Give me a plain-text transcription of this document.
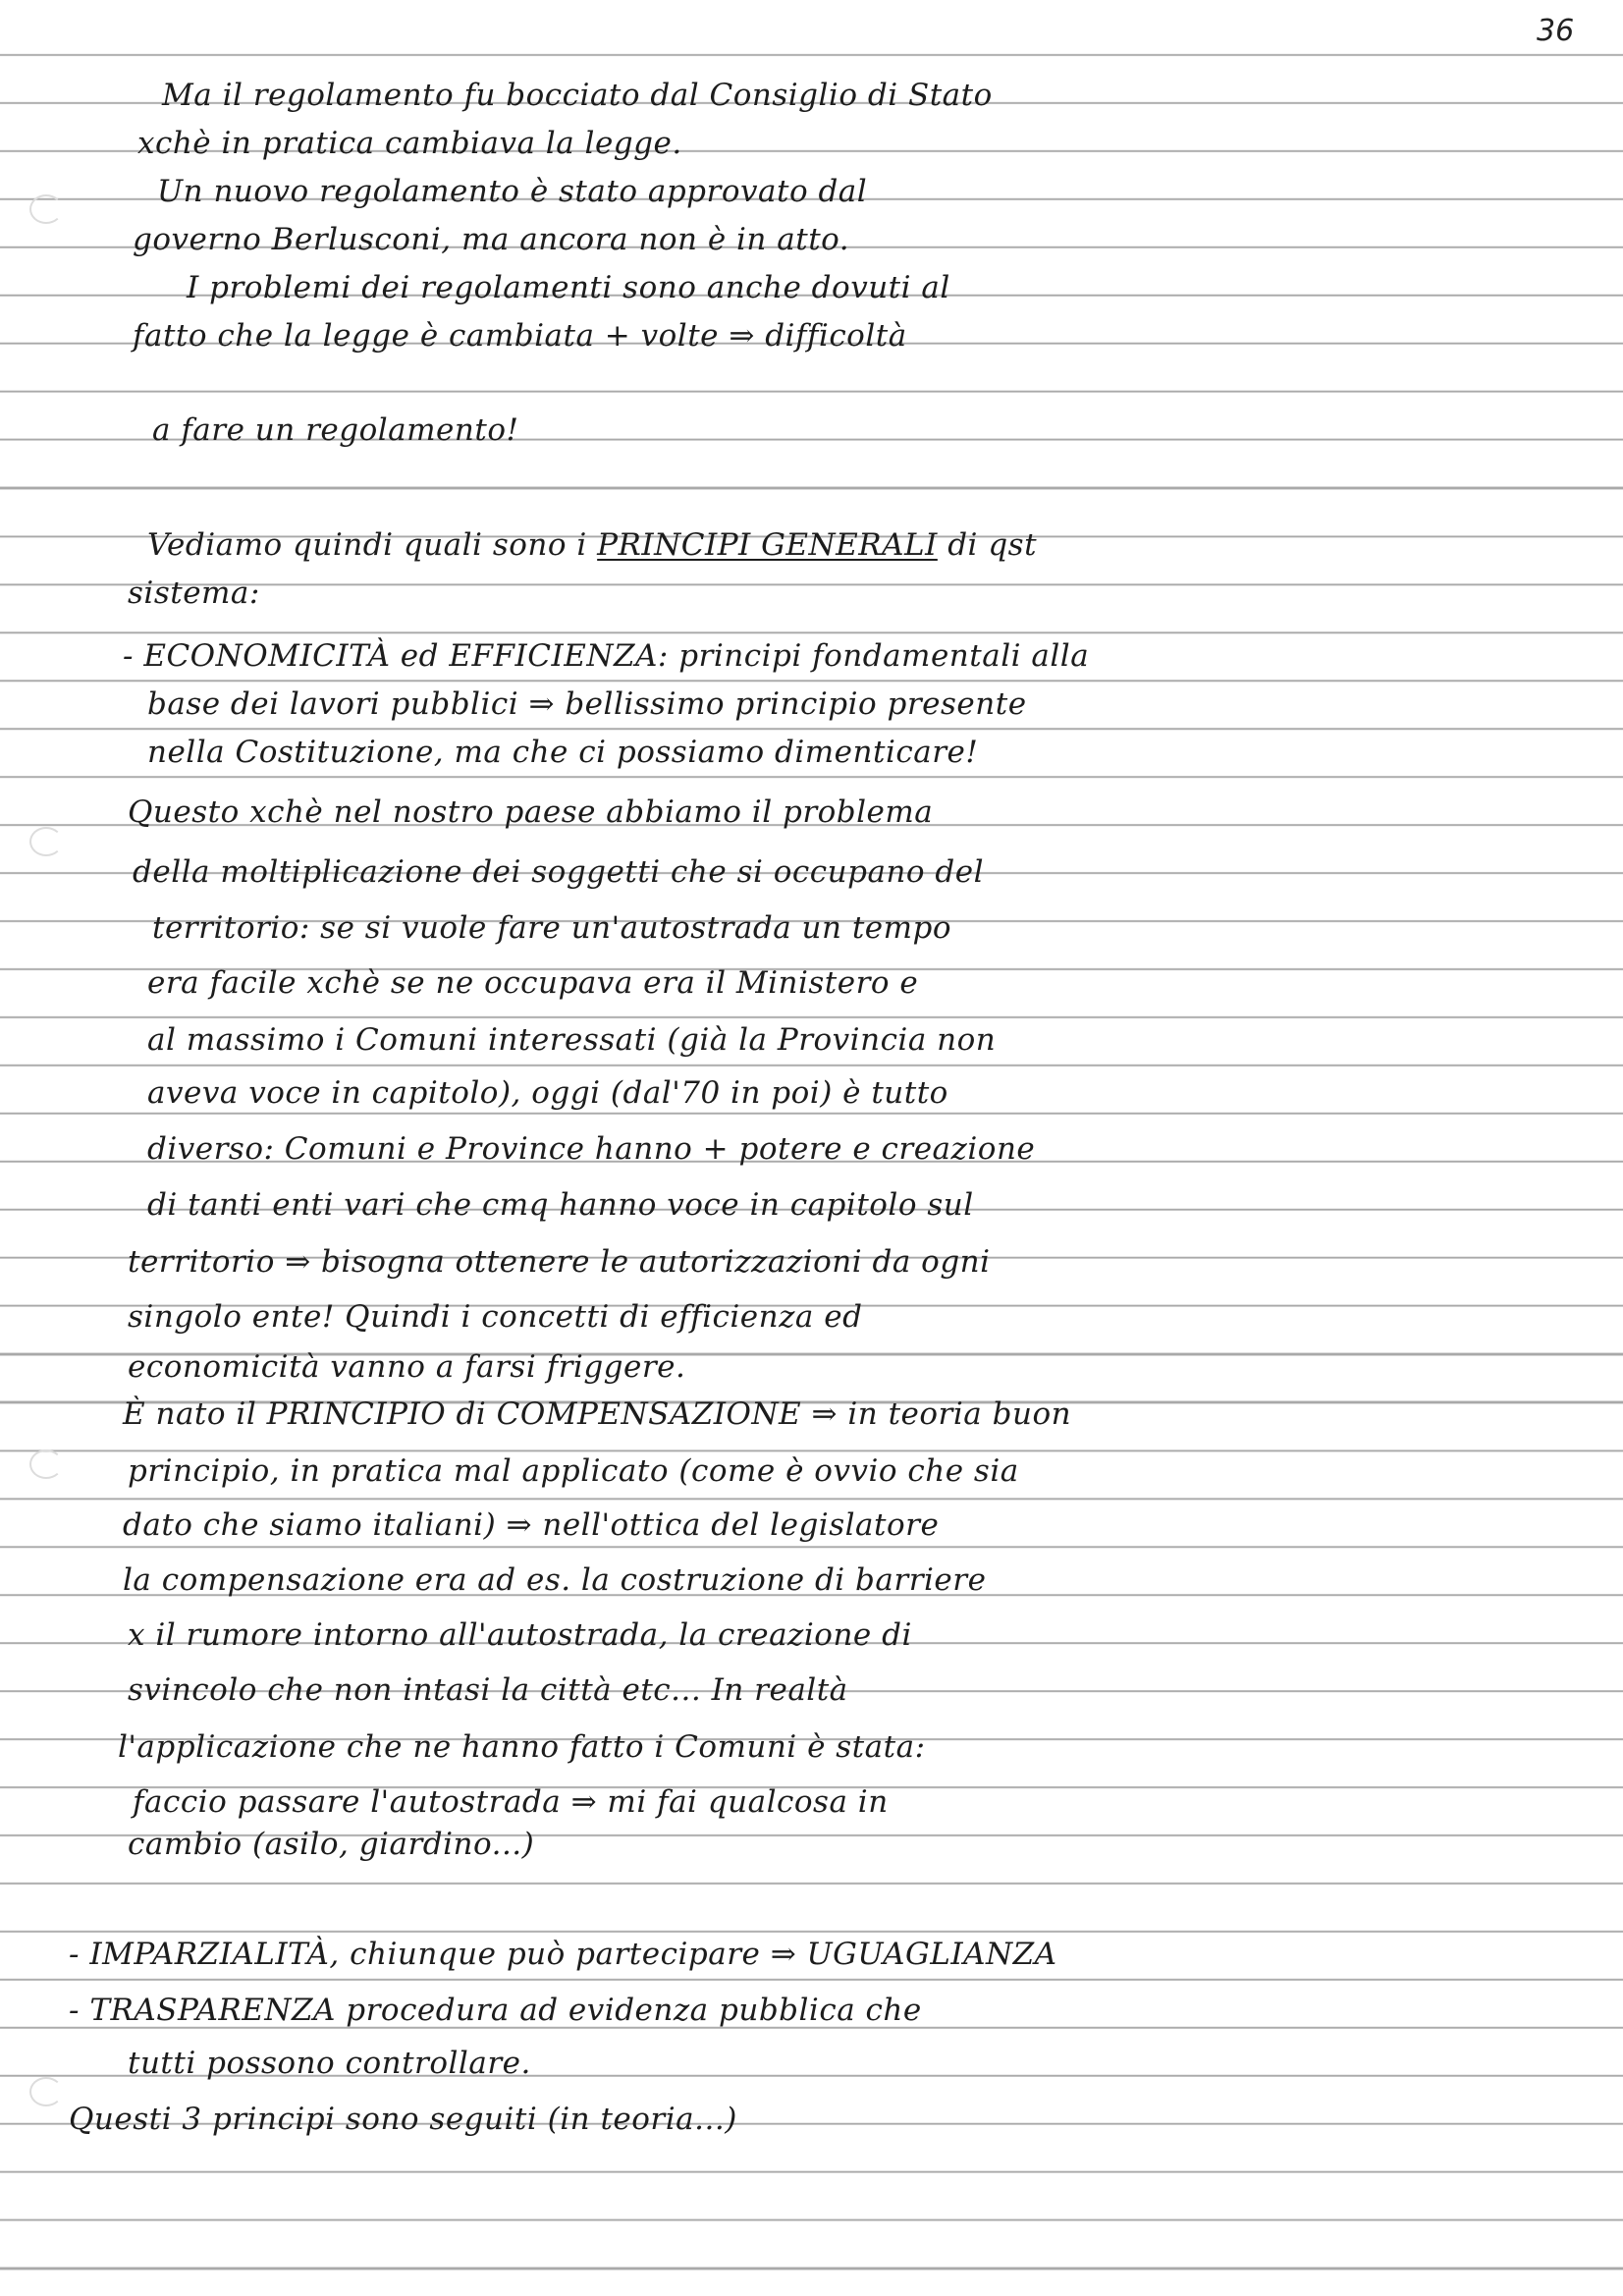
36
Ma il regolamento fu bocciato dal Consiglio di Stato
xchè in pratica cambiava la legge.
Un nuovo regolamento è stato approvato dal
governo Berlusconi, ma ancora non è in atto.
I problemi dei regolamenti sono anche dovuti al
fatto che la legge è cambiata + volte ⇒ difficoltà
a fare un regolamento!
Vediamo quindi quali sono i PRINCIPI GENERALI di qst
sistema:
- ECONOMICITÀ ed EFFICIENZA: principi fondamentali alla
base dei lavori pubblici ⇒ bellissimo principio presente
nella Costituzione, ma che ci possiamo dimenticare!
Questo xchè nel nostro paese abbiamo il problema
della moltiplicazione dei soggetti che si occupano del
territorio: se si vuole fare un'autostrada un tempo
era facile xchè se ne occupava era il Ministero e
al massimo i Comuni interessati (già la Provincia non
aveva voce in capitolo), oggi (dal'70 in poi) è tutto
diverso: Comuni e Province hanno + potere e creazione
di tanti enti vari che cmq hanno voce in capitolo sul
territorio ⇒ bisogna ottenere le autorizzazioni da ogni
singolo ente! Quindi i concetti di efficienza ed
economicità vanno a farsi friggere.
È nato il PRINCIPIO di COMPENSAZIONE ⇒ in teoria buon
principio, in pratica mal applicato (come è ovvio che sia
dato che siamo italiani) ⇒ nell'ottica del legislatore
la compensazione era ad es. la costruzione di barriere
x il rumore intorno all'autostrada, la creazione di
svincolo che non intasi la città etc... In realtà
l'applicazione che ne hanno fatto i Comuni è stata:
faccio passare l'autostrada ⇒ mi fai qualcosa in
cambio (asilo, giardino...)
- IMPARZIALITÀ, chiunque può partecipare ⇒ UGUAGLIANZA
- TRASPARENZA procedura ad evidenza pubblica che
tutti possono controllare.
Questi 3 principi sono seguiti (in teoria...)
